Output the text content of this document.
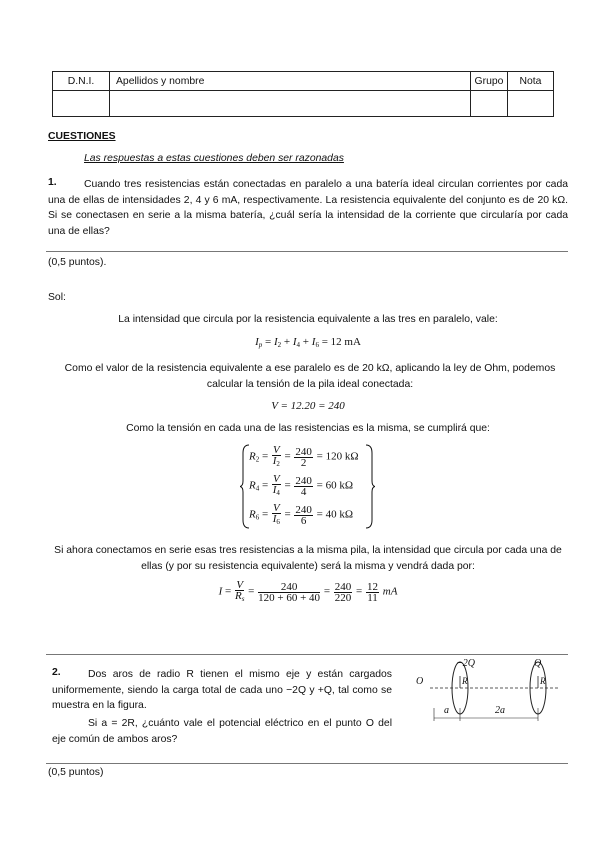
D.N.I.	Apellidos y nombre	Grupo	Nota

CUESTIONES
Las respuestas a estas cuestiones deben ser razonadas
1.	Cuando tres resistencias están conectadas en paralelo a una batería ideal circulan corrientes por cada una de ellas de intensidades 2, 4 y 6 mA, respectivamente. La resistencia equivalente del conjunto es de 20 kΩ. Si se conectasen en serie a la misma batería, ¿cuál sería la intensidad de la corriente que circularía por cada una de ellas?
(0,5 puntos).
Sol:
La intensidad que circula por la resistencia equivalente a las tres en paralelo, vale:
$I_p = I_2 + I_4 + I_6 = 12$ mA
Como el valor de la resistencia equivalente a ese paralelo es de 20 kΩ, aplicando la ley de Ohm, podemos calcular la tensión de la pila ideal conectada:
V = 12.20 = 240
Como la tensión en cada una de las resistencias es la misma, se cumplirá que:
$R_2 = \frac{V}{I_2} = \frac{240}{2} = 120$ kΩ
$R_4 = \frac{V}{I_4} = \frac{240}{4} = 60$ kΩ
$R_6 = \frac{V}{I_6} = \frac{240}{6} = 40$ kΩ
Si ahora conectamos en serie esas tres resistencias a la misma pila, la intensidad que circula por cada una de ellas (y por su resistencia equivalente) será la misma y vendrá dada por:
$I = \frac{V}{R_s} = \frac{240}{120 + 60 + 40} = \frac{240}{220} = \frac{12}{11}$ mA
2.	Dos aros de radio R tienen el mismo eje y están cargados uniformemente, siendo la carga total de cada uno −2Q y +Q, tal como se muestra en la figura.
Si a = 2R, ¿cuánto vale el potencial eléctrico en el punto O del eje común de ambos aros?
O
−2Q	Q
R	R
a	2a
(0,5 puntos)
